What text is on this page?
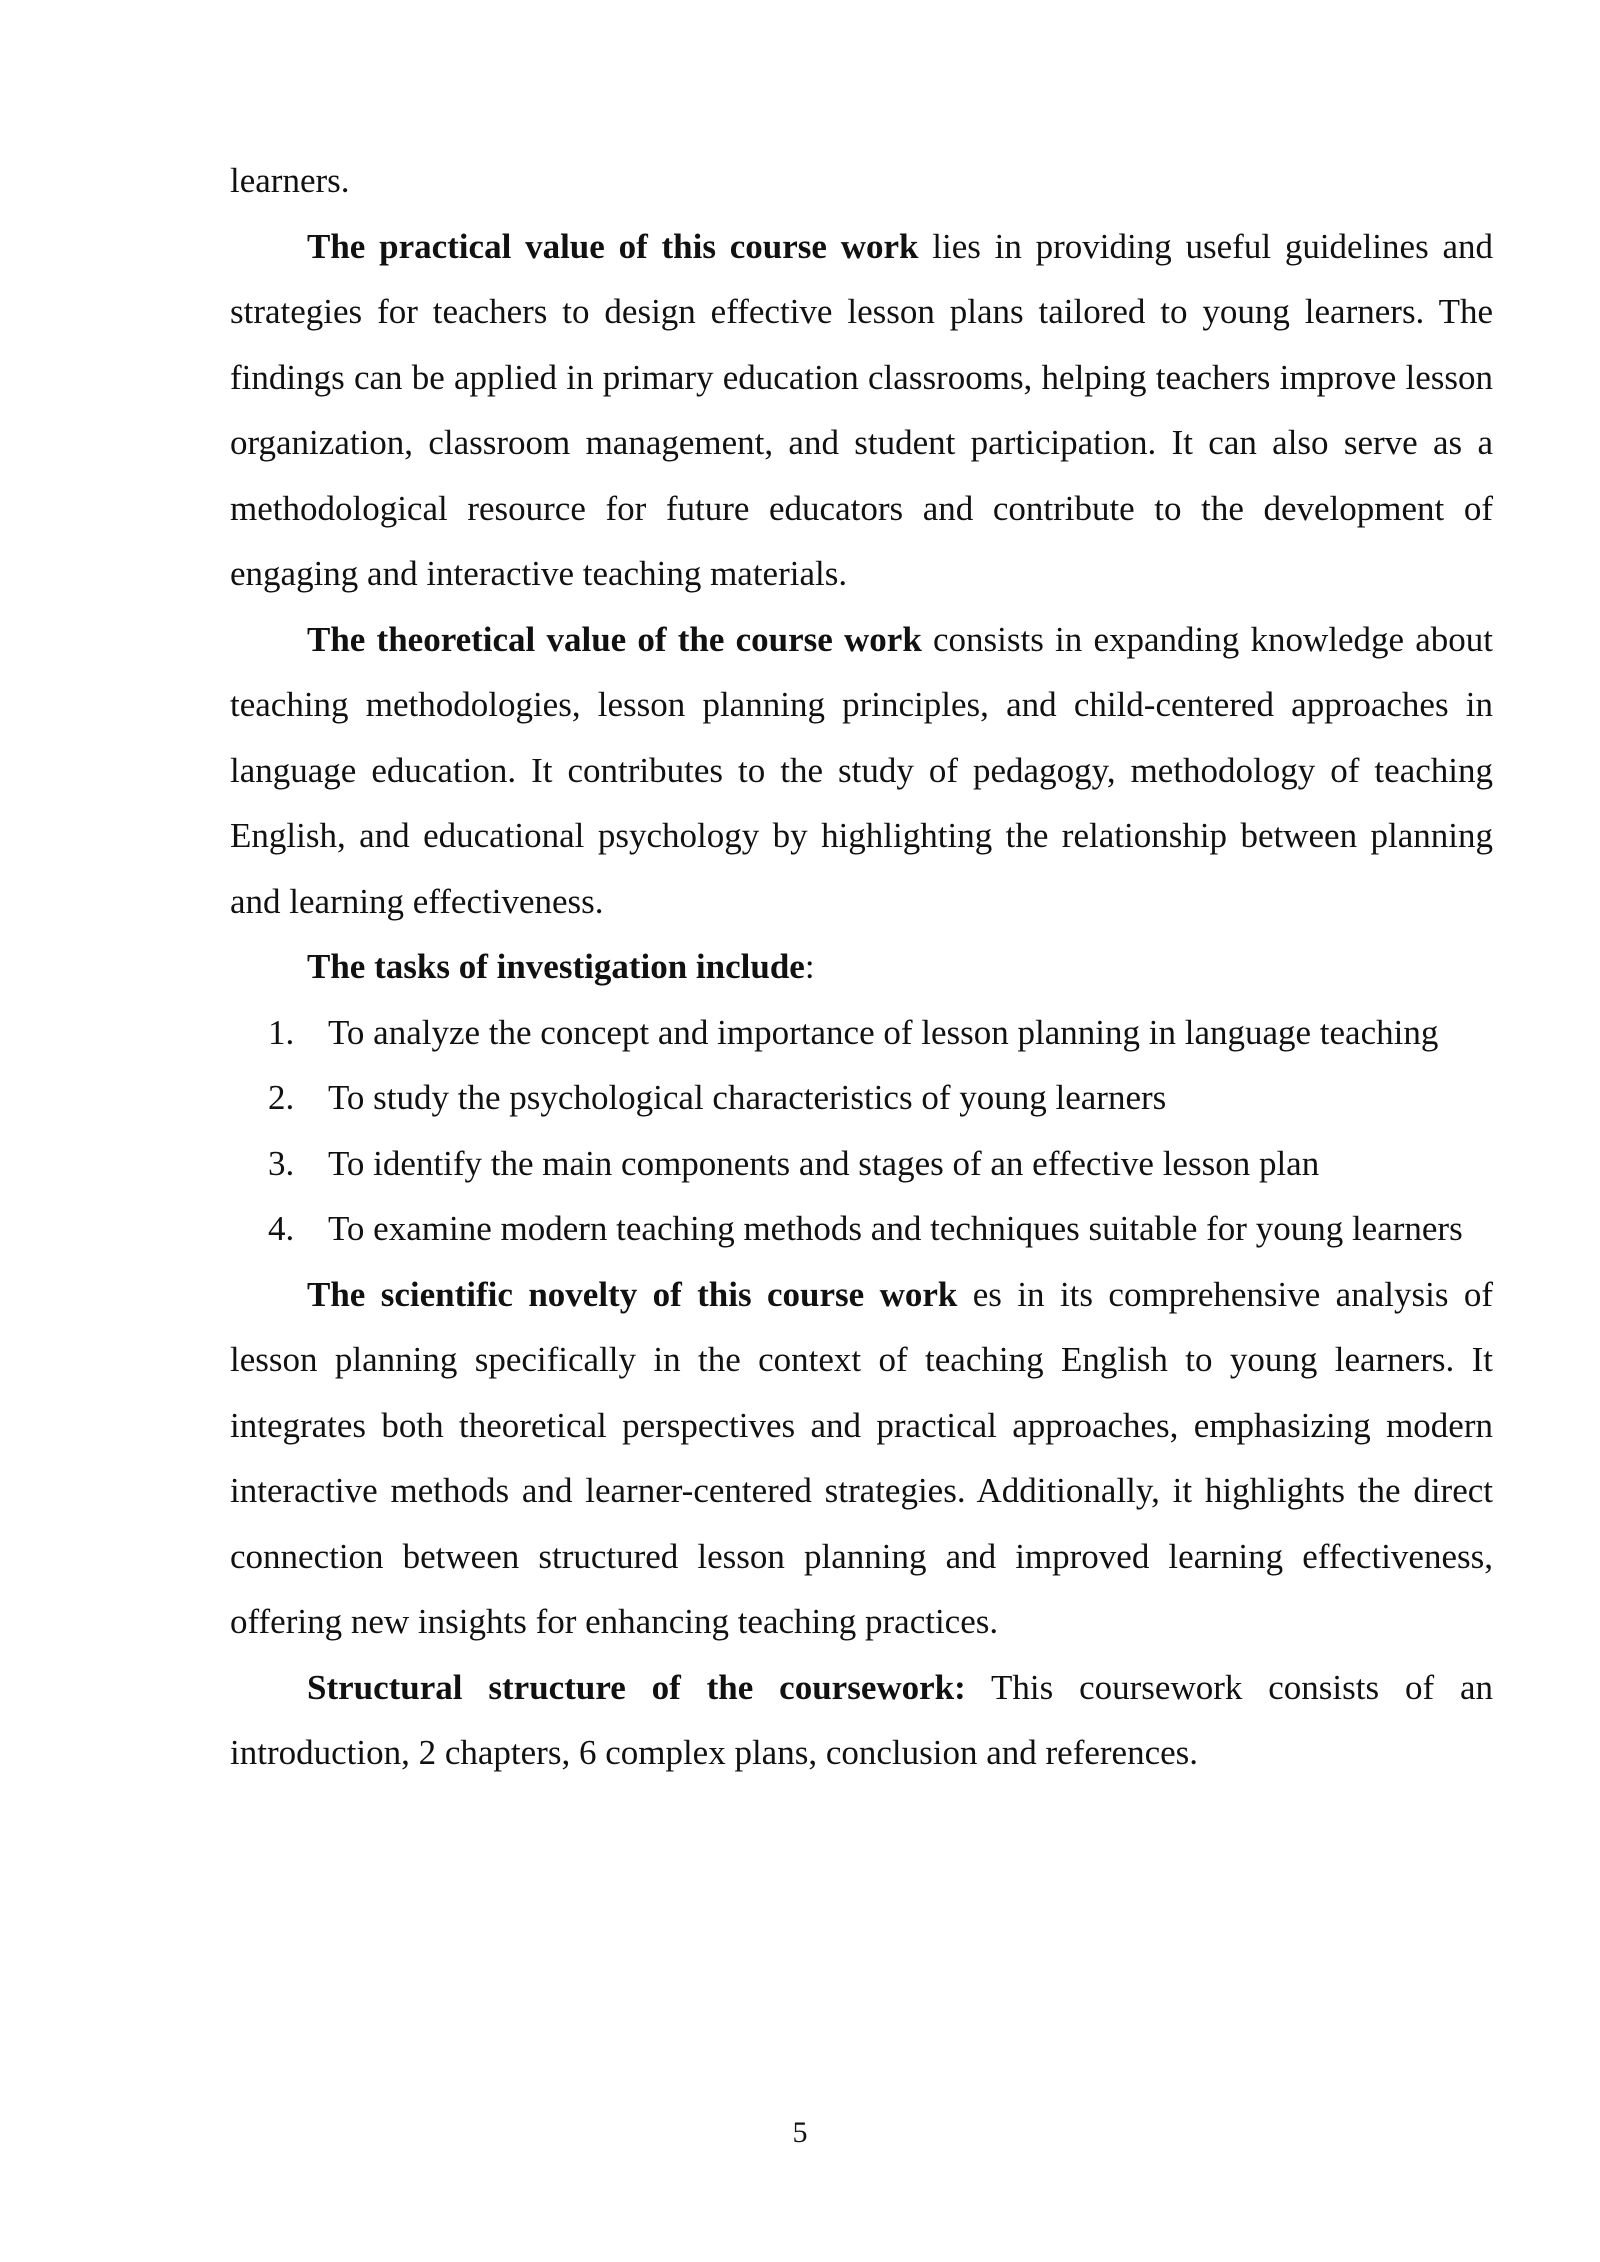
learners.

The practical value of this course work lies in providing useful guidelines and strategies for teachers to design effective lesson plans tailored to young learners. The findings can be applied in primary education classrooms, helping teachers improve lesson organization, classroom management, and student participation. It can also serve as a methodological resource for future educators and contribute to the development of engaging and interactive teaching materials.

The theoretical value of the course work consists in expanding knowledge about teaching methodologies, lesson planning principles, and child-centered approaches in language education. It contributes to the study of pedagogy, methodology of teaching English, and educational psychology by highlighting the relationship between planning and learning effectiveness.

The tasks of investigation include:

1. To analyze the concept and importance of lesson planning in language teaching

2. To study the psychological characteristics of young learners

3. To identify the main components and stages of an effective lesson plan

4. To examine modern teaching methods and techniques suitable for young learners

The scientific novelty of this course work es in its comprehensive analysis of lesson planning specifically in the context of teaching English to young learners. It integrates both theoretical perspectives and practical approaches, emphasizing modern interactive methods and learner-centered strategies. Additionally, it highlights the direct connection between structured lesson planning and improved learning effectiveness, offering new insights for enhancing teaching practices.

Structural structure of the coursework: This coursework consists of an introduction, 2 chapters, 6 complex plans, conclusion and references.

5
